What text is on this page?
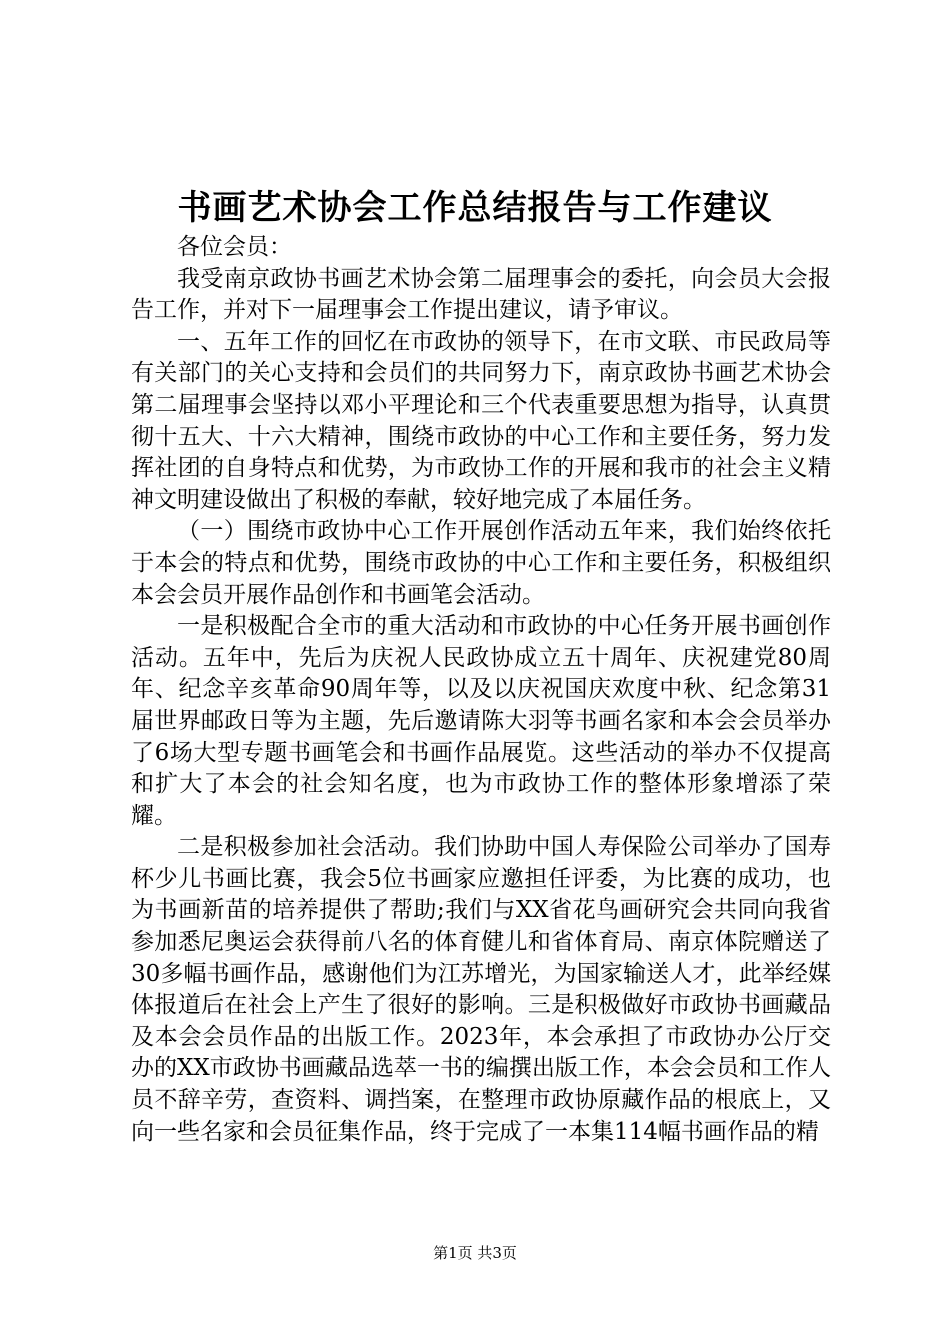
书画艺术协会工作总结报告与工作建议

各位会员：

我受南京政协书画艺术协会第二届理事会的委托，向会员大会报告工作，并对下一届理事会工作提出建议，请予审议。

一、五年工作的回忆在市政协的领导下，在市文联、市民政局等有关部门的关心支持和会员们的共同努力下，南京政协书画艺术协会第二届理事会坚持以邓小平理论和三个代表重要思想为指导，认真贯彻十五大、十六大精神，围绕市政协的中心工作和主要任务，努力发挥社团的自身特点和优势，为市政协工作的开展和我市的社会主义精神文明建设做出了积极的奉献，较好地完成了本届任务。

（一）围绕市政协中心工作开展创作活动五年来，我们始终依托于本会的特点和优势，围绕市政协的中心工作和主要任务，积极组织本会会员开展作品创作和书画笔会活动。

一是积极配合全市的重大活动和市政协的中心任务开展书画创作活动。五年中，先后为庆祝人民政协成立五十周年、庆祝建党80周年、纪念辛亥革命90周年等，以及以庆祝国庆欢度中秋、纪念第31届世界邮政日等为主题，先后邀请陈大羽等书画名家和本会会员举办了6场大型专题书画笔会和书画作品展览。这些活动的举办不仅提高和扩大了本会的社会知名度，也为市政协工作的整体形象增添了荣耀。

二是积极参加社会活动。我们协助中国人寿保险公司举办了国寿杯少儿书画比赛，我会5位书画家应邀担任评委，为比赛的成功，也为书画新苗的培养提供了帮助;我们与XX省花鸟画研究会共同向我省参加悉尼奥运会获得前八名的体育健儿和省体育局、南京体院赠送了30多幅书画作品，感谢他们为江苏增光，为国家输送人才，此举经媒体报道后在社会上产生了很好的影响。三是积极做好市政协书画藏品及本会会员作品的出版工作。2023年，本会承担了市政协办公厅交办的XX市政协书画藏品选萃一书的编撰出版工作，本会会员和工作人员不辞辛劳，查资料、调挡案，在整理市政协原藏作品的根底上，又向一些名家和会员征集作品，终于完成了一本集114幅书画作品的精

第1页 共3页
